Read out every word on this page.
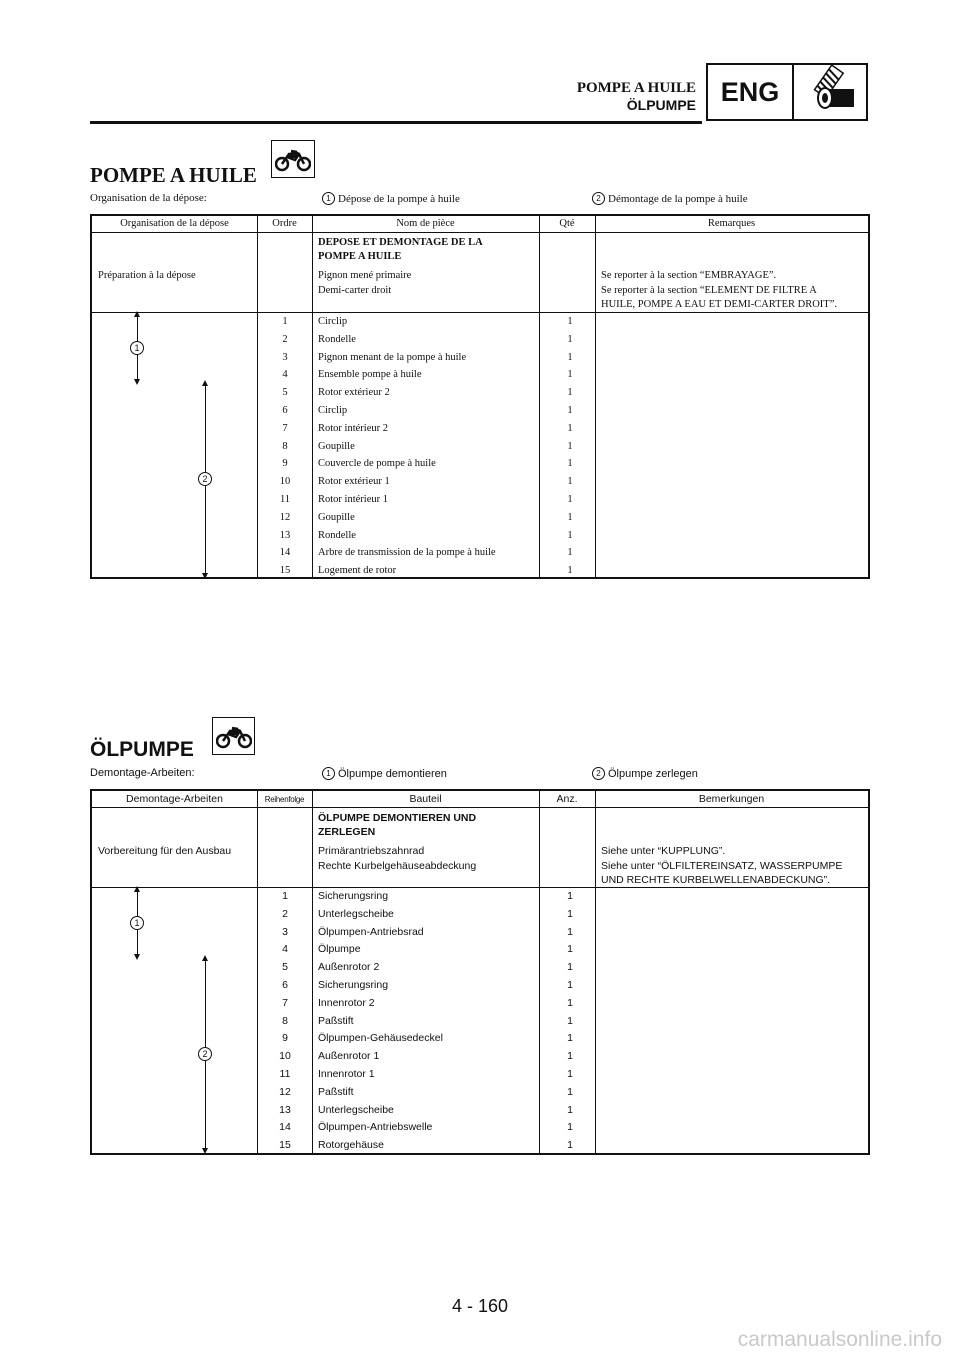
POMPE A HUILE
ÖLPUMPE ENG
POMPE A HUILE
Organisation de la dépose:	1 Dépose de la pompe à huile	2 Démontage de la pompe à huile
Organisation de la dépose	Ordre	Nom de pièce	Qté	Remarques
DEPOSE ET DEMONTAGE DE LA
POMPE A HUILE
Préparation à la dépose	Pignon mené primaire
Demi-carter droit
Se reporter à la section “EMBRAYAGE”.
Se reporter à la section “ELEMENT DE FILTRE A
HUILE, POMPE A EAU ET DEMI-CARTER DROIT”.
15	Logement de rotor	1
14	Arbre de transmission de la pompe à huile	1
13	Rondelle	1
12	Goupille	1
11	Rotor intérieur 1	1
10	Rotor extérieur 1	1
9	Couvercle de pompe à huile	1
8	Goupille	1
7	Rotor intérieur 2	1
6	Circlip	1
5	Rotor extérieur 2	1
4	Ensemble pompe à huile	1
3	Pignon menant de la pompe à huile	1
2	Rondelle	1
1	Circlip	1
1
2
ÖLPUMPE
Demontage-Arbeiten:	1 Ölpumpe demontieren	2 Ölpumpe zerlegen
Demontage-Arbeiten	Reihenfolge	Bauteil	Anz.	Bemerkungen
ÖLPUMPE DEMONTIEREN UND
ZERLEGEN
Vorbereitung für den Ausbau	Primärantriebszahnrad
Rechte Kurbelgehäuseabdeckung
Siehe unter “KUPPLUNG”.
Siehe unter “ÖLFILTEREINSATZ, WASSERPUMPE
UND RECHTE KURBELWELLENABDECKUNG”.
15	Rotorgehäuse	1
14	Ölpumpen-Antriebswelle	1
13	Unterlegscheibe	1
12	Paßstift	1
11	Innenrotor 1	1
10	Außenrotor 1	1
9	Ölpumpen-Gehäusedeckel	1
8	Paßstift	1
7	Innenrotor 2	1
6	Sicherungsring	1
5	Außenrotor 2	1
4	Ölpumpe	1
3	Ölpumpen-Antriebsrad	1
2	Unterlegscheibe	1
1	Sicherungsring	1
1
2
4 - 160
carmanualsonline.info
